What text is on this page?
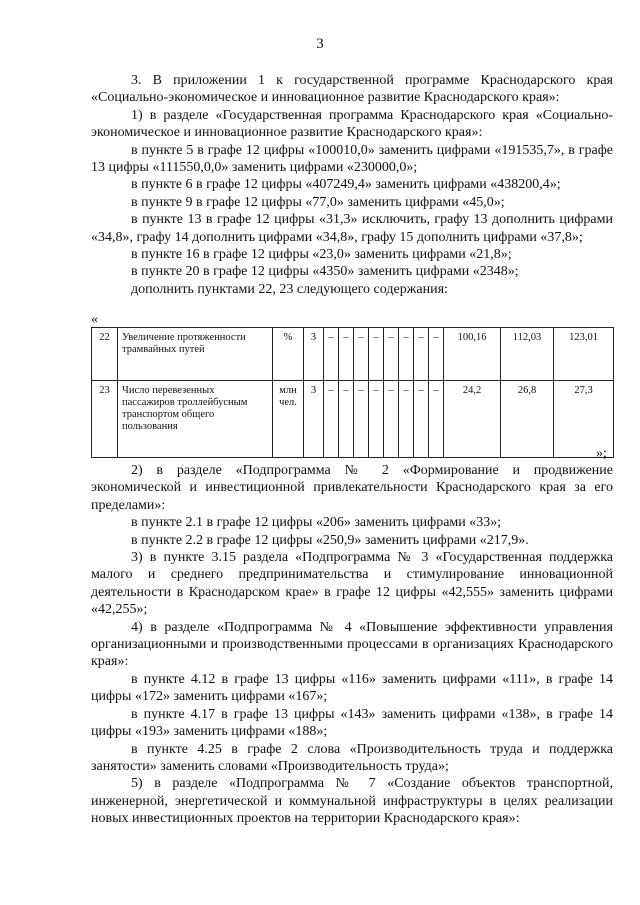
3

3. В приложении 1 к государственной программе Краснодарского края «Социально-экономическое и инновационное развитие Краснодарского края»:

1) в разделе «Государственная программа Краснодарского края «Социально-экономическое и инновационное развитие Краснодарского края»:

в пункте 5 в графе 12 цифры «100010,0» заменить цифрами «191535,7», в графе 13 цифры «111550,0,0» заменить цифрами «230000,0»;

в пункте 6 в графе 12 цифры «407249,4» заменить цифрами «438200,4»;

в пункте 9 в графе 12 цифры «77,0» заменить цифрами «45,0»;

в пункте 13 в графе 12 цифры «31,3» исключить, графу 13 дополнить цифрами «34,8», графу 14 дополнить цифрами «34,8», графу 15 дополнить цифрами «37,8»;

в пункте 16 в графе 12 цифры «23,0» заменить цифрами «21,8»;

в пункте 20 в графе 12 цифры «4350» заменить цифрами «2348»;

дополнить пунктами 22, 23 следующего содержания:

«
22	Увеличение протяженности трамвайных путей	%	3	–	–	–	–	–	–	–	–	100,16	112,03	123,01
23	Число перевезенных пассажиров троллейбусным транспортом общего пользования	млн чел.	3	–	–	–	–	–	–	–	–	24,2	26,8	27,3
»;

2) в разделе «Подпрограмма № 2 «Формирование и продвижение экономической и инвестиционной привлекательности Краснодарского края за его пределами»:

в пункте 2.1 в графе 12 цифры «206» заменить цифрами «33»;

в пункте 2.2 в графе 12 цифры «250,9» заменить цифрами «217,9».

3) в пункте 3.15 раздела «Подпрограмма № 3 «Государственная поддержка малого и среднего предпринимательства и стимулирование инновационной деятельности в Краснодарском крае» в графе 12 цифры «42,555» заменить цифрами «42,255»;

4) в разделе «Подпрограмма № 4 «Повышение эффективности управления организационными и производственными процессами в организациях Краснодарского края»:

в пункте 4.12 в графе 13 цифры «116» заменить цифрами «111», в графе 14 цифры «172» заменить цифрами «167»;

в пункте 4.17 в графе 13 цифры «143» заменить цифрами «138», в графе 14 цифры «193» заменить цифрами «188»;

в пункте 4.25 в графе 2 слова «Производительность труда и поддержка занятости» заменить словами «Производительность труда»;

5) в разделе «Подпрограмма № 7 «Создание объектов транспортной, инженерной, энергетической и коммунальной инфраструктуры в целях реализации новых инвестиционных проектов на территории Краснодарского края»:
